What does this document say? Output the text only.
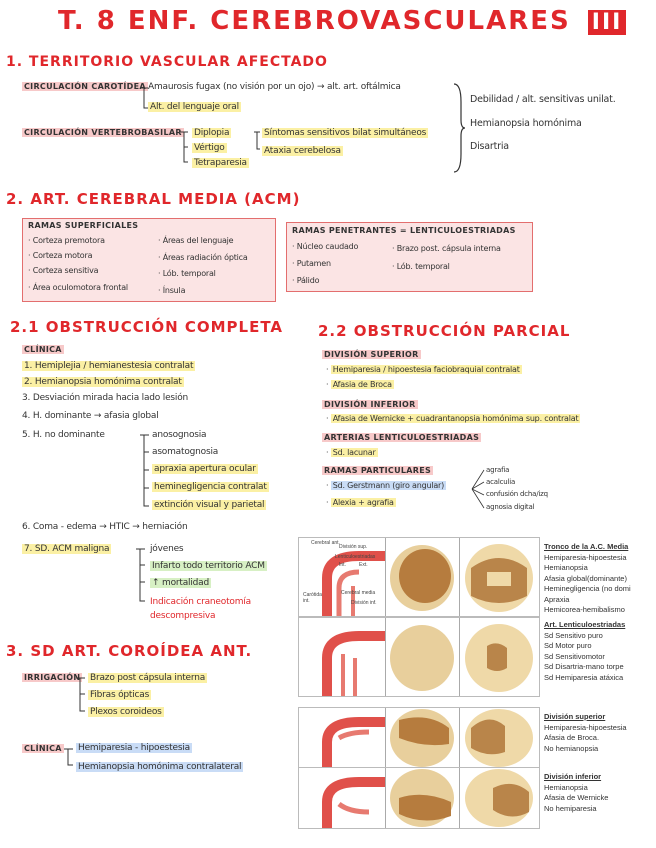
T. 8 ENF. CEREBROVASCULARES III
1. TERRITORIO VASCULAR AFECTADO
CIRCULACIÓN CAROTÍDEA Amaurosis fugax (no visión por un ojo) → alt. art. oftálmica
Alt. del lenguaje oral
CIRCULACIÓN VERTEBROBASILAR Diplopia
Vértigo
Tetraparesia
Síntomas sensitivos bilat simultáneos
Ataxia cerebelosa
Debilidad / alt. sensitivas unilat.
Hemianopsia homónima
Disartria
2. ART. CEREBRAL MEDIA (ACM)
RAMAS SUPERFICIALES
· Corteza premotora
· Corteza motora
· Corteza sensitiva
· Área oculomotora frontal
· Áreas del lenguaje
· Áreas radiación óptica
· Lób. temporal
· Ínsula
RAMAS PENETRANTES = LENTICULOESTRIADAS
· Núcleo caudado
· Putamen
· Pálido
· Brazo post. cápsula interna
· Lób. temporal
2.1 OBSTRUCCIÓN COMPLETA
CLÍNICA
1. Hemiplejia / hemianestesia contralat
2. Hemianopsia homónima contralat
3. Desviación mirada hacia lado lesión
4. H. dominante → afasia global
5. H. no dominante	anosognosia
asomatognosia
apraxia apertura ocular
heminegligencia contralat
extinción visual y parietal
6. Coma - edema → HTIC → herniación
7. SD. ACM maligna	jóvenes
Infarto todo territorio ACM
↑ mortalidad
Indicación craneotomía descompresiva
2.2 OBSTRUCCIÓN PARCIAL
DIVISIÓN SUPERIOR
· Hemiparesia / hipoestesia faciobraquial contralat
· Afasia de Broca
DIVISIÓN INFERIOR
· Afasia de Wernicke + cuadrantanopsia homónima sup. contralat
ARTERIAS LENTICULOESTRIADAS
· Sd. lacunar
RAMAS PARTICULARES
· Sd. Gerstmann (giro angular)
· Alexia + agrafia
agrafia
acalculia
confusión dcha/izq
agnosia digital
3. SD ART. COROÍDEA ANT.
IRRIGACIÓN Brazo post cápsula interna
Fibras ópticas
Plexos coroideos
CLÍNICA Hemiparesia - hipoestesia
Hemianopsia homónima contralateral
Cerebral ant.
División sup.
Lenticuloestriadas
Int.	Ext.
Carótida int.
Cerebral media
División inf.
Tronco de la A.C. Media
Hemiparesia-hipoestesia
Hemianopsia
Afasia global(dominante)
Heminegligencia (no domi
Apraxia
Hemicorea-hemibalismo
Art. Lenticuloestriadas
Sd Sensitivo puro
Sd Motor puro
Sd Sensitivomotor
Sd Disartria-mano torpe
Sd Hemiparesia atáxica
División superior
Hemiparesia-hipoestesia
Afasia de Broca.
No hemianopsia
División inferior
Hemianopsia
Afasia de Wernicke
No hemiparesia
